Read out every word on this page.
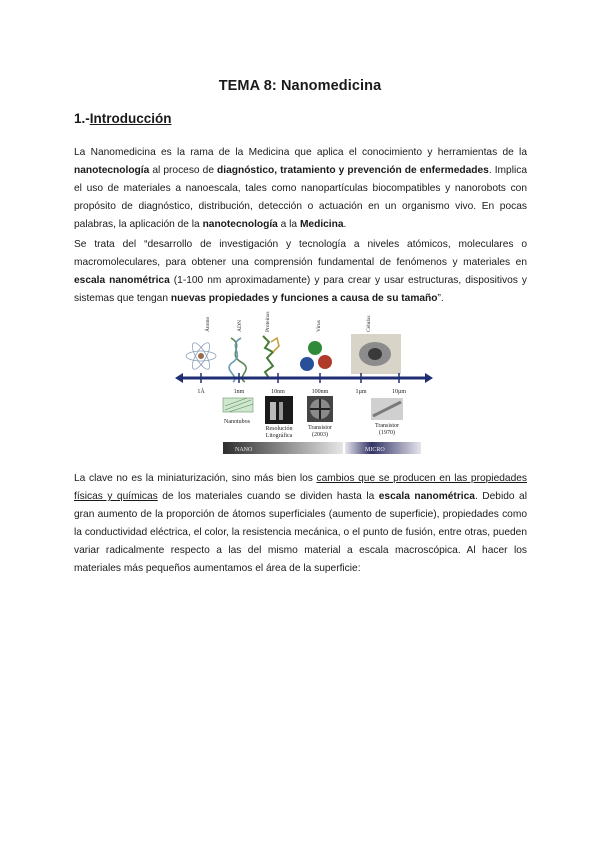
TEMA 8: Nanomedicina
1.-Introducción

La Nanomedicina es la rama de la Medicina que aplica el conocimiento y herramientas de la nanotecnología al proceso de diagnóstico, tratamiento y prevención de enfermedades. Implica el uso de materiales a nanoescala, tales como nanopartículas biocompatibles y nanorobots con propósito de diagnóstico, distribución, detección o actuación en un organismo vivo. En pocas palabras, la aplicación de la nanotecnología a la Medicina.

Se trata del “desarrollo de investigación y tecnología a niveles atómicos, moleculares o macromoleculares, para obtener una comprensión fundamental de fenómenos y materiales en escala nanométrica (1-100 nm aproximadamente) y para crear y usar estructuras, dispositivos y sistemas que tengan nuevas propiedades y funciones a causa de su tamaño”.

Átomo	ADN	Proteínas	Virus	Células
1Å	1nm	10nm	100nm	1µm	10µm
Nanotubos
Resolución
Litográfica
Transistor
(2003)
Transistor
(1970)
NANO	MICRO

La clave no es la miniaturización, sino más bien los cambios que se producen en las propiedades físicas y químicas de los materiales cuando se dividen hasta la escala nanométrica. Debido al gran aumento de la proporción de átomos superficiales (aumento de superficie), propiedades como la conductividad eléctrica, el color, la resistencia mecánica, o el punto de fusión, entre otras, pueden variar radicalmente respecto a las del mismo material a escala macroscópica. Al hacer los materiales más pequeños aumentamos el área de la superficie:
